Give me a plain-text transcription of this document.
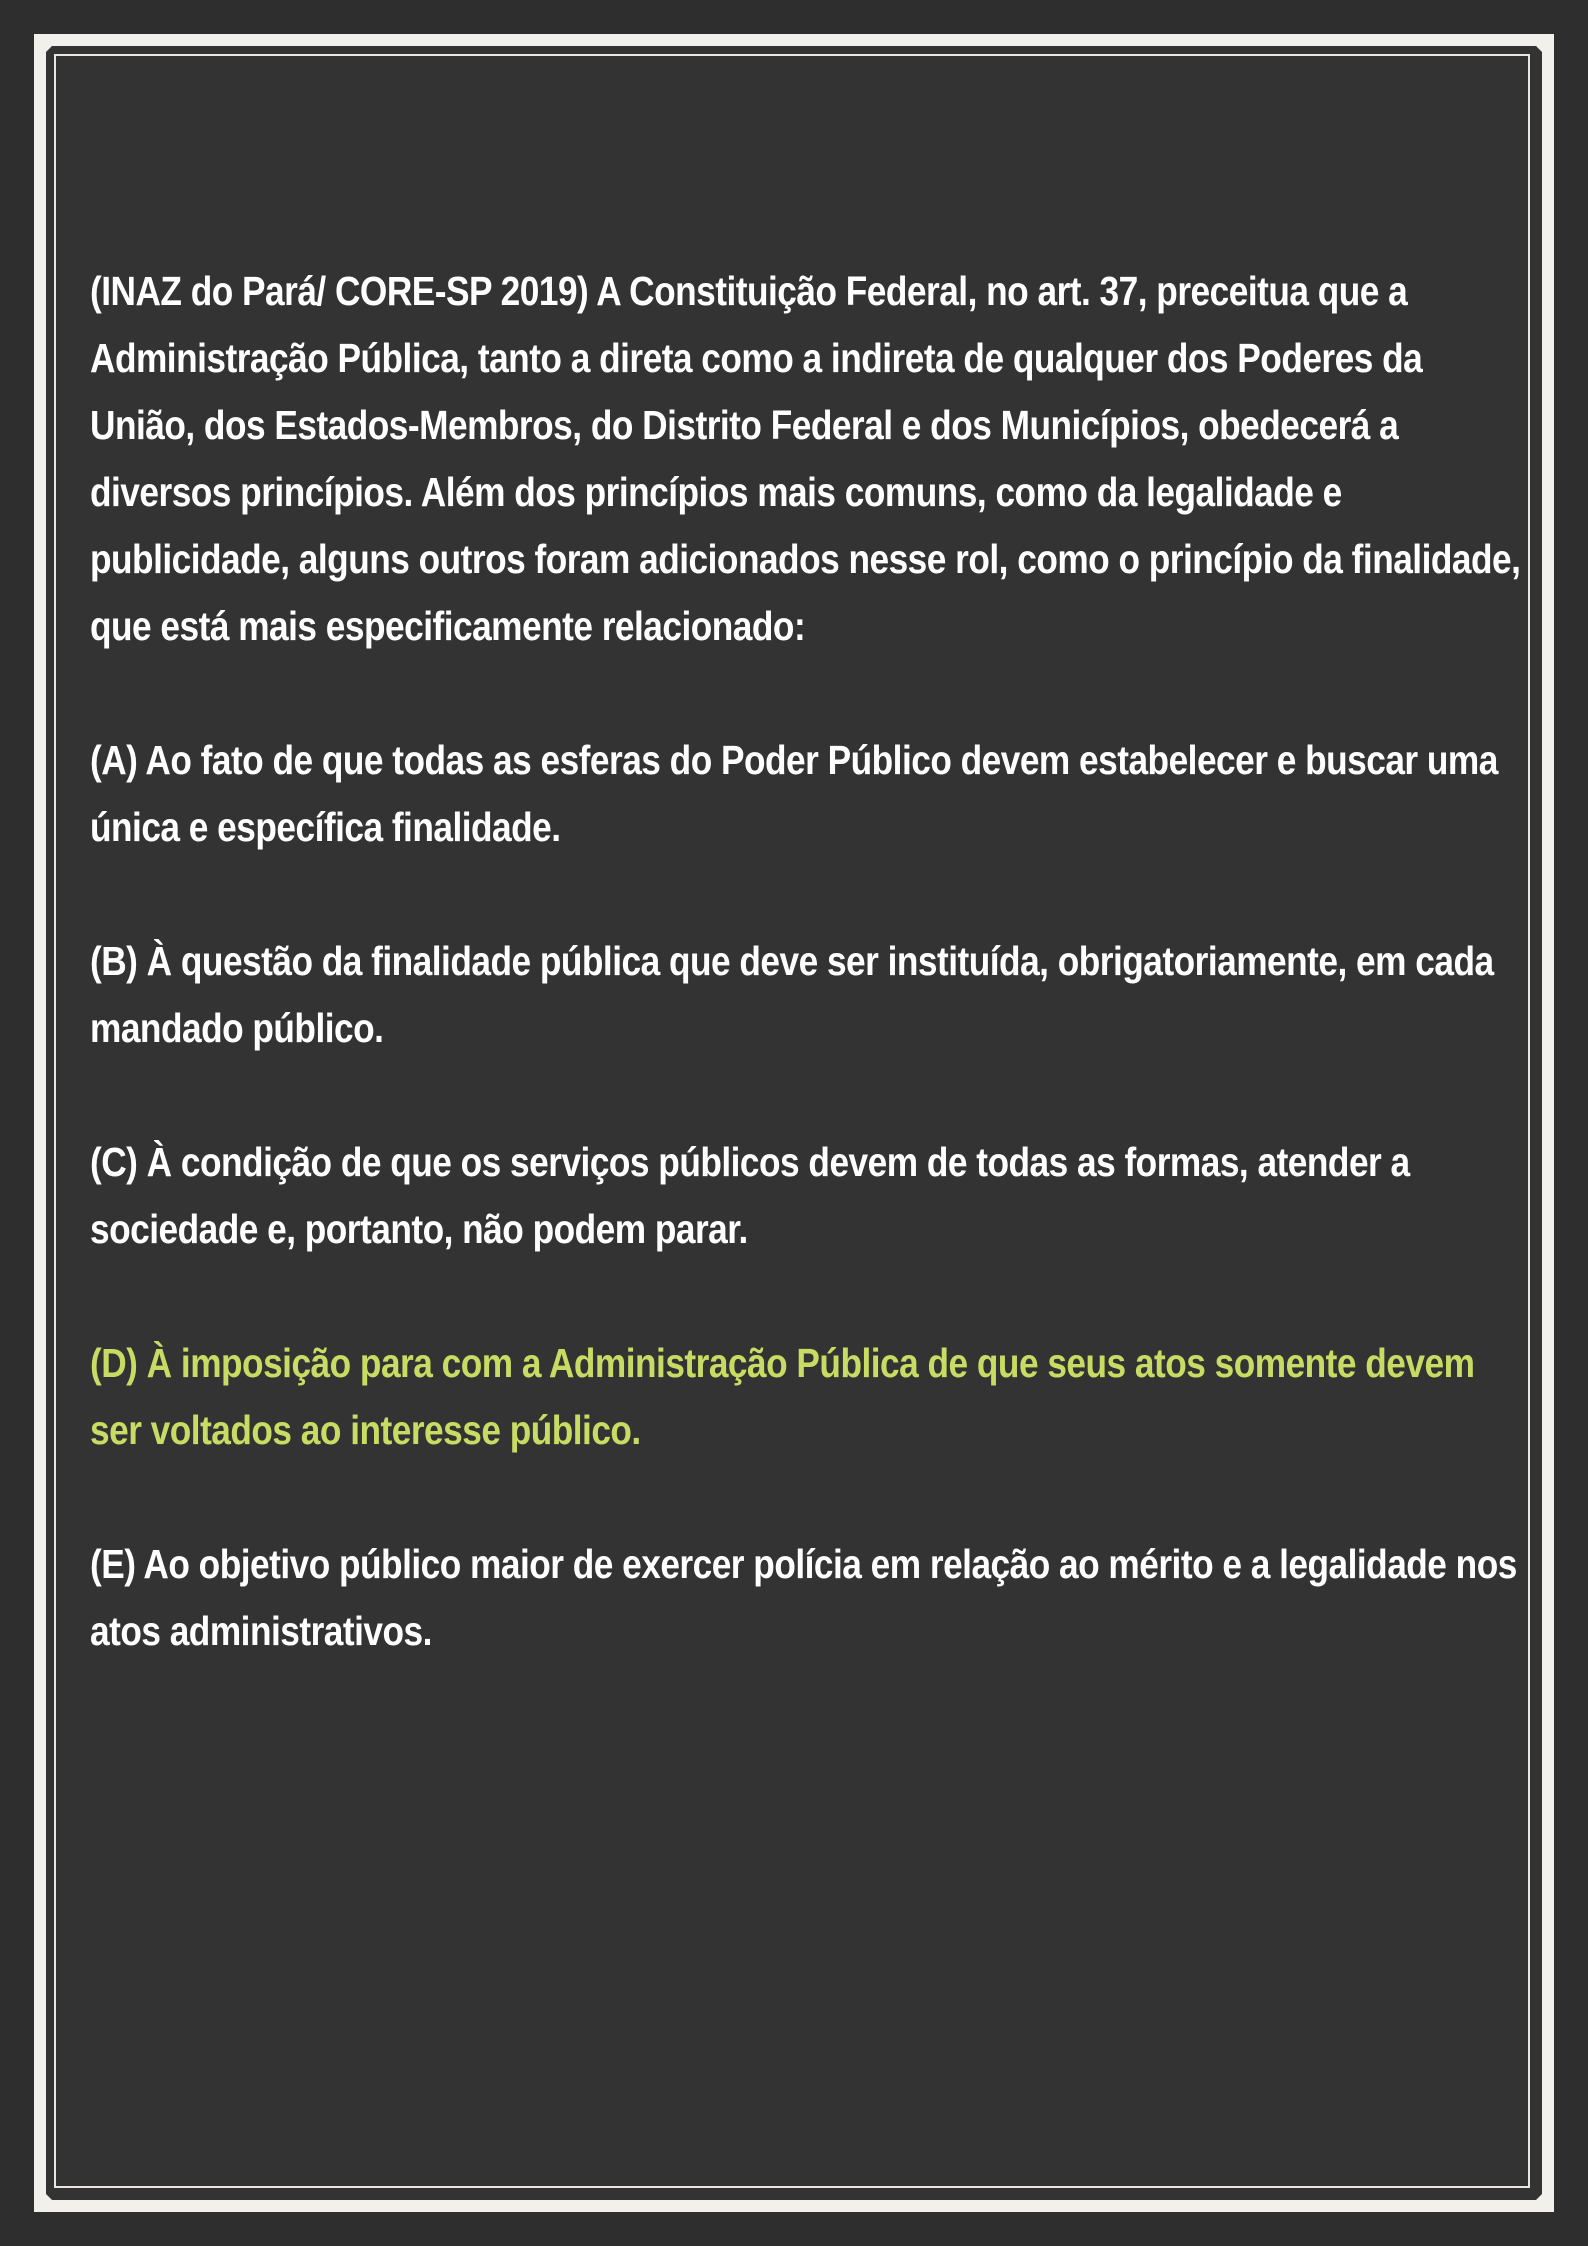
(INAZ do Pará/ CORE-SP 2019) A Constituição Federal, no art. 37, preceitua que a Administração Pública, tanto a direta como a indireta de qualquer dos Poderes da União, dos Estados-Membros, do Distrito Federal e dos Municípios, obedecerá a diversos princípios. Além dos princípios mais comuns, como da legalidade e publicidade, alguns outros foram adicionados nesse rol, como o princípio da finalidade, que está mais especificamente relacionado:

(A) Ao fato de que todas as esferas do Poder Público devem estabelecer e buscar uma única e específica finalidade.

(B) À questão da finalidade pública que deve ser instituída, obrigatoriamente, em cada mandado público.

(C) À condição de que os serviços públicos devem de todas as formas, atender a sociedade e, portanto, não podem parar.

(D) À imposição para com a Administração Pública de que seus atos somente devem ser voltados ao interesse público.

(E) Ao objetivo público maior de exercer polícia em relação ao mérito e a legalidade nos atos administrativos.
